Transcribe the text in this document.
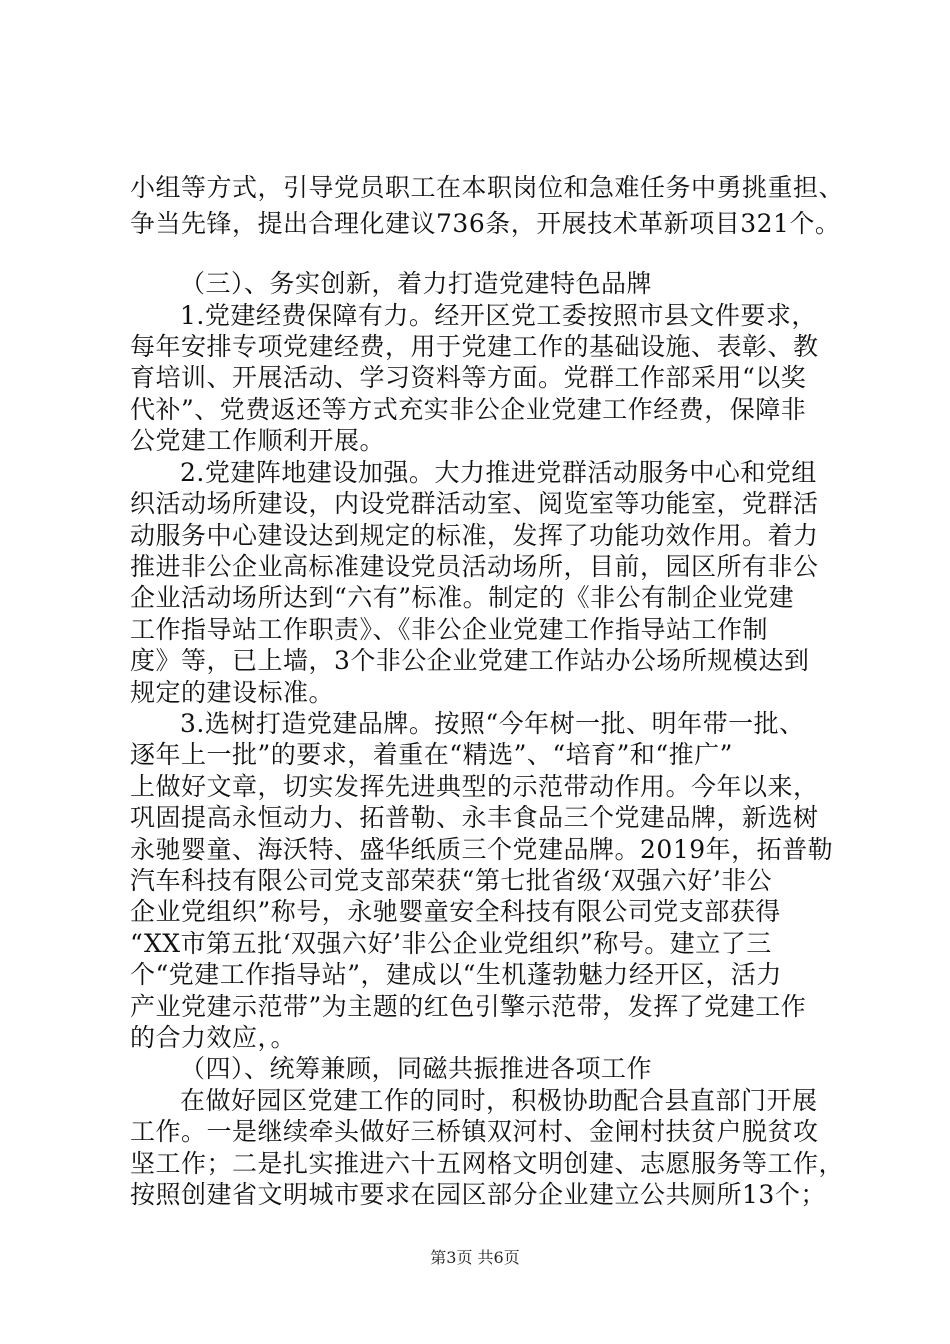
小组等方式，引导党员职工在本职岗位和急难任务中勇挑重担、
争当先锋，提出合理化建议736条，开展技术革新项目321个。
（三）、务实创新，着力打造党建特色品牌
1.党建经费保障有力。经开区党工委按照市县文件要求，
每年安排专项党建经费，用于党建工作的基础设施、表彰、教
育培训、开展活动、学习资料等方面。党群工作部采用“以奖
代补”、党费返还等方式充实非公企业党建工作经费，保障非
公党建工作顺利开展。
2.党建阵地建设加强。大力推进党群活动服务中心和党组
织活动场所建设，内设党群活动室、阅览室等功能室，党群活
动服务中心建设达到规定的标准，发挥了功能功效作用。着力
推进非公企业高标准建设党员活动场所，目前，园区所有非公
企业活动场所达到“六有”标准。制定的《非公有制企业党建
工作指导站工作职责》、《非公企业党建工作指导站工作制
度》等，已上墙，3个非公企业党建工作站办公场所规模达到
规定的建设标准。
3.选树打造党建品牌。按照“今年树一批、明年带一批、
逐年上一批”的要求，着重在“精选”、“培育”和“推广”
上做好文章，切实发挥先进典型的示范带动作用。今年以来，
巩固提高永恒动力、拓普勒、永丰食品三个党建品牌，新选树
永驰婴童、海沃特、盛华纸质三个党建品牌。2019年，拓普勒
汽车科技有限公司党支部荣获“第七批省级‘双强六好’非公
企业党组织”称号，永驰婴童安全科技有限公司党支部获得
“XX市第五批‘双强六好’非公企业党组织”称号。建立了三
个“党建工作指导站”，建成以“生机蓬勃魅力经开区，活力
产业党建示范带”为主题的红色引擎示范带，发挥了党建工作
的合力效应，。
（四）、统筹兼顾，同磁共振推进各项工作
在做好园区党建工作的同时，积极协助配合县直部门开展
工作。一是继续牵头做好三桥镇双河村、金闸村扶贫户脱贫攻
坚工作；二是扎实推进六十五网格文明创建、志愿服务等工作，
按照创建省文明城市要求在园区部分企业建立公共厕所13个；
第3页 共6页
